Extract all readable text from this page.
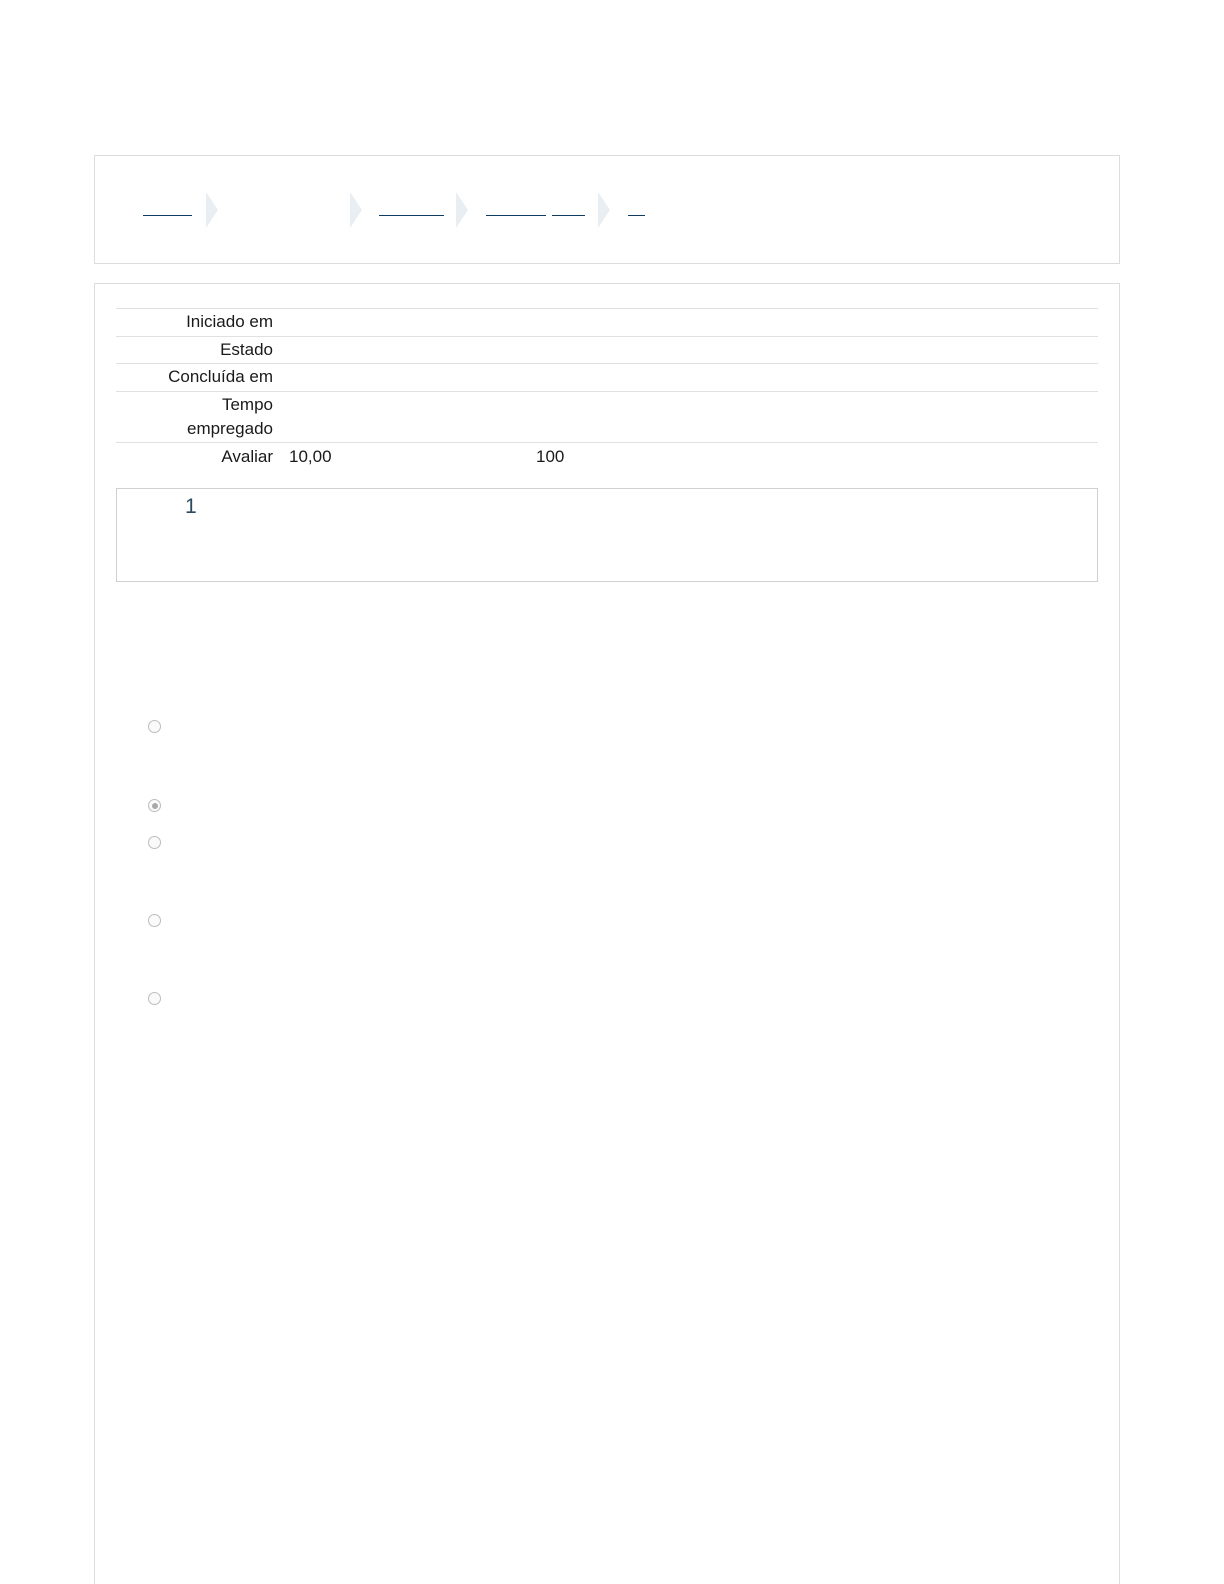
Iniciado em
Estado
Concluída em
Tempo
empregado
Avaliar 10,00	100
1
